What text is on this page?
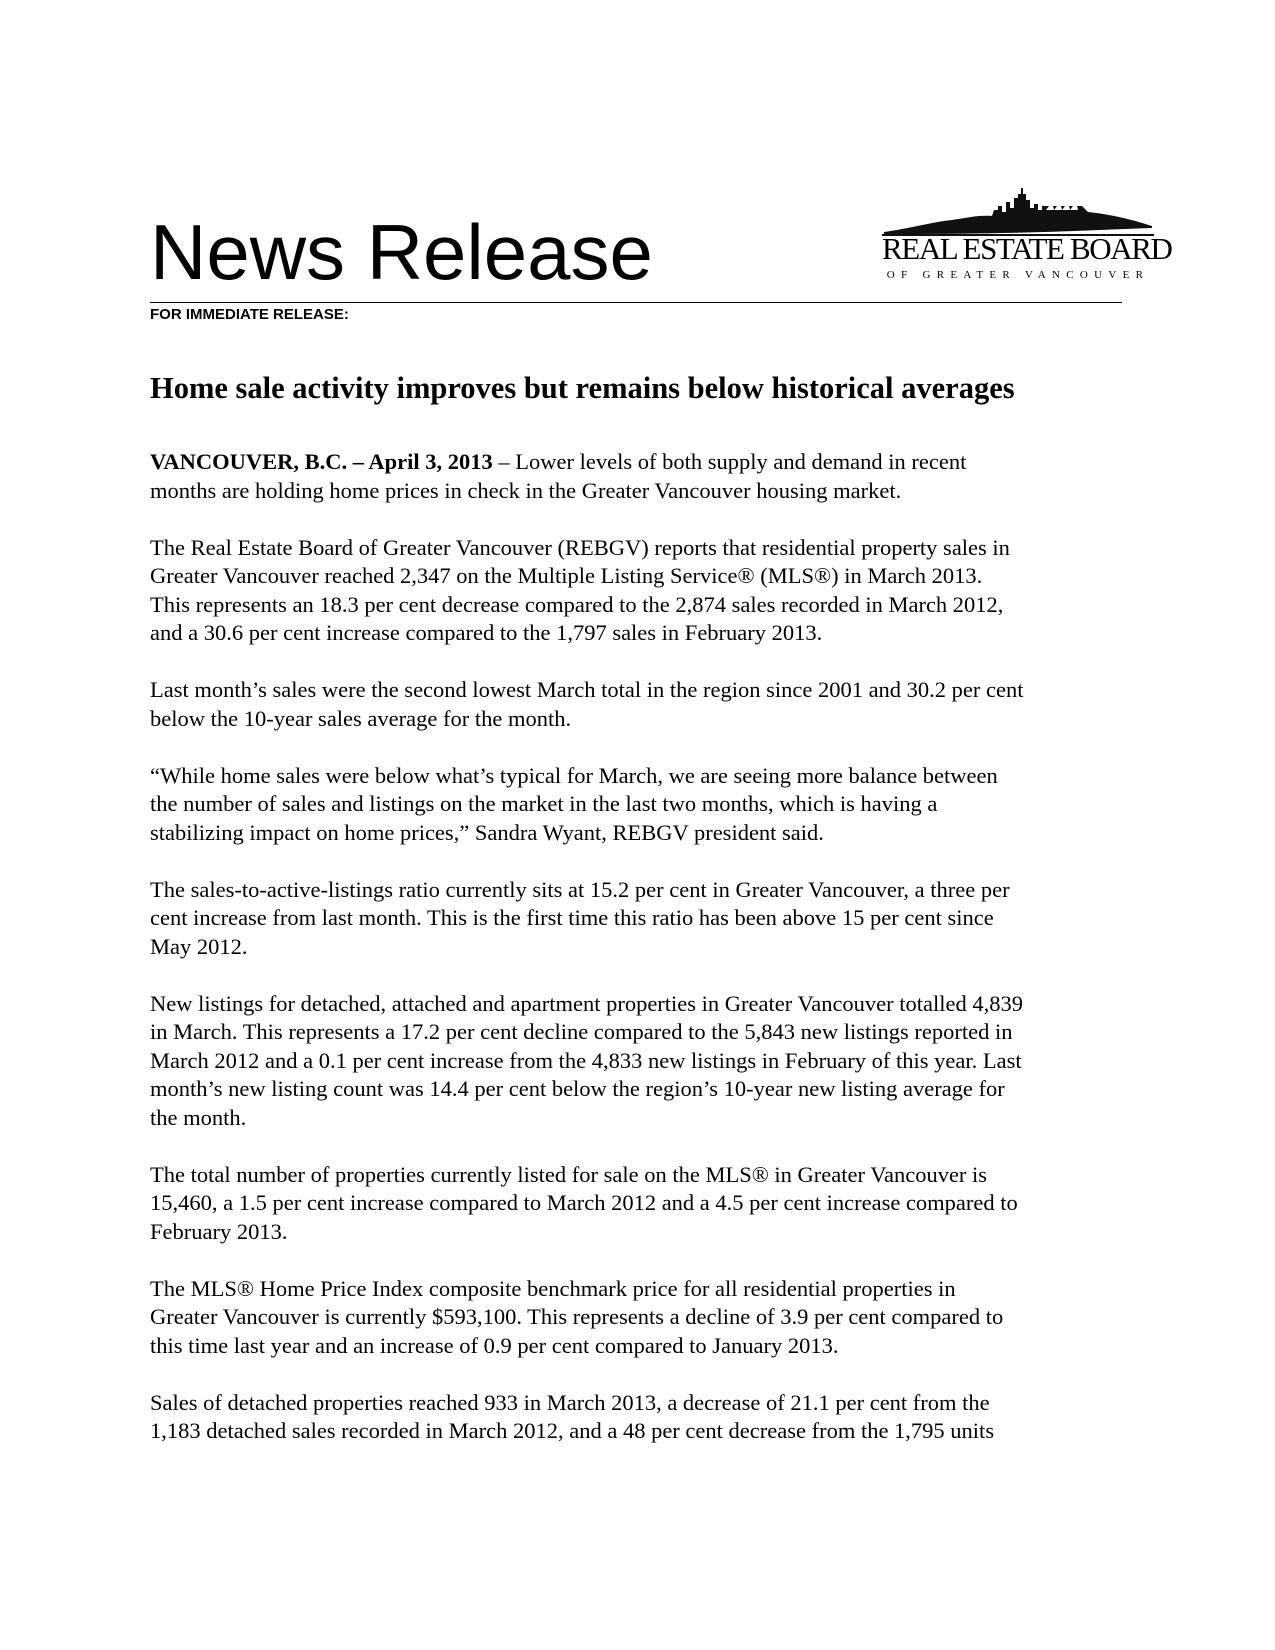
News Release	REAL ESTATE BOARD
OF GREATER VANCOUVER
FOR IMMEDIATE RELEASE:
Home sale activity improves but remains below historical averages

VANCOUVER, B.C. – April 3, 2013 – Lower levels of both supply and demand in recent
months are holding home prices in check in the Greater Vancouver housing market.

The Real Estate Board of Greater Vancouver (REBGV) reports that residential property sales in
Greater Vancouver reached 2,347 on the Multiple Listing Service® (MLS®) in March 2013.
This represents an 18.3 per cent decrease compared to the 2,874 sales recorded in March 2012,
and a 30.6 per cent increase compared to the 1,797 sales in February 2013.

Last month’s sales were the second lowest March total in the region since 2001 and 30.2 per cent
below the 10-year sales average for the month.

“While home sales were below what’s typical for March, we are seeing more balance between
the number of sales and listings on the market in the last two months, which is having a
stabilizing impact on home prices,” Sandra Wyant, REBGV president said.

The sales-to-active-listings ratio currently sits at 15.2 per cent in Greater Vancouver, a three per
cent increase from last month. This is the first time this ratio has been above 15 per cent since
May 2012.

New listings for detached, attached and apartment properties in Greater Vancouver totalled 4,839
in March. This represents a 17.2 per cent decline compared to the 5,843 new listings reported in
March 2012 and a 0.1 per cent increase from the 4,833 new listings in February of this year. Last
month’s new listing count was 14.4 per cent below the region’s 10-year new listing average for
the month.

The total number of properties currently listed for sale on the MLS® in Greater Vancouver is
15,460, a 1.5 per cent increase compared to March 2012 and a 4.5 per cent increase compared to
February 2013.

The MLS® Home Price Index composite benchmark price for all residential properties in
Greater Vancouver is currently $593,100. This represents a decline of 3.9 per cent compared to
this time last year and an increase of 0.9 per cent compared to January 2013.

Sales of detached properties reached 933 in March 2013, a decrease of 21.1 per cent from the
1,183 detached sales recorded in March 2012, and a 48 per cent decrease from the 1,795 units
